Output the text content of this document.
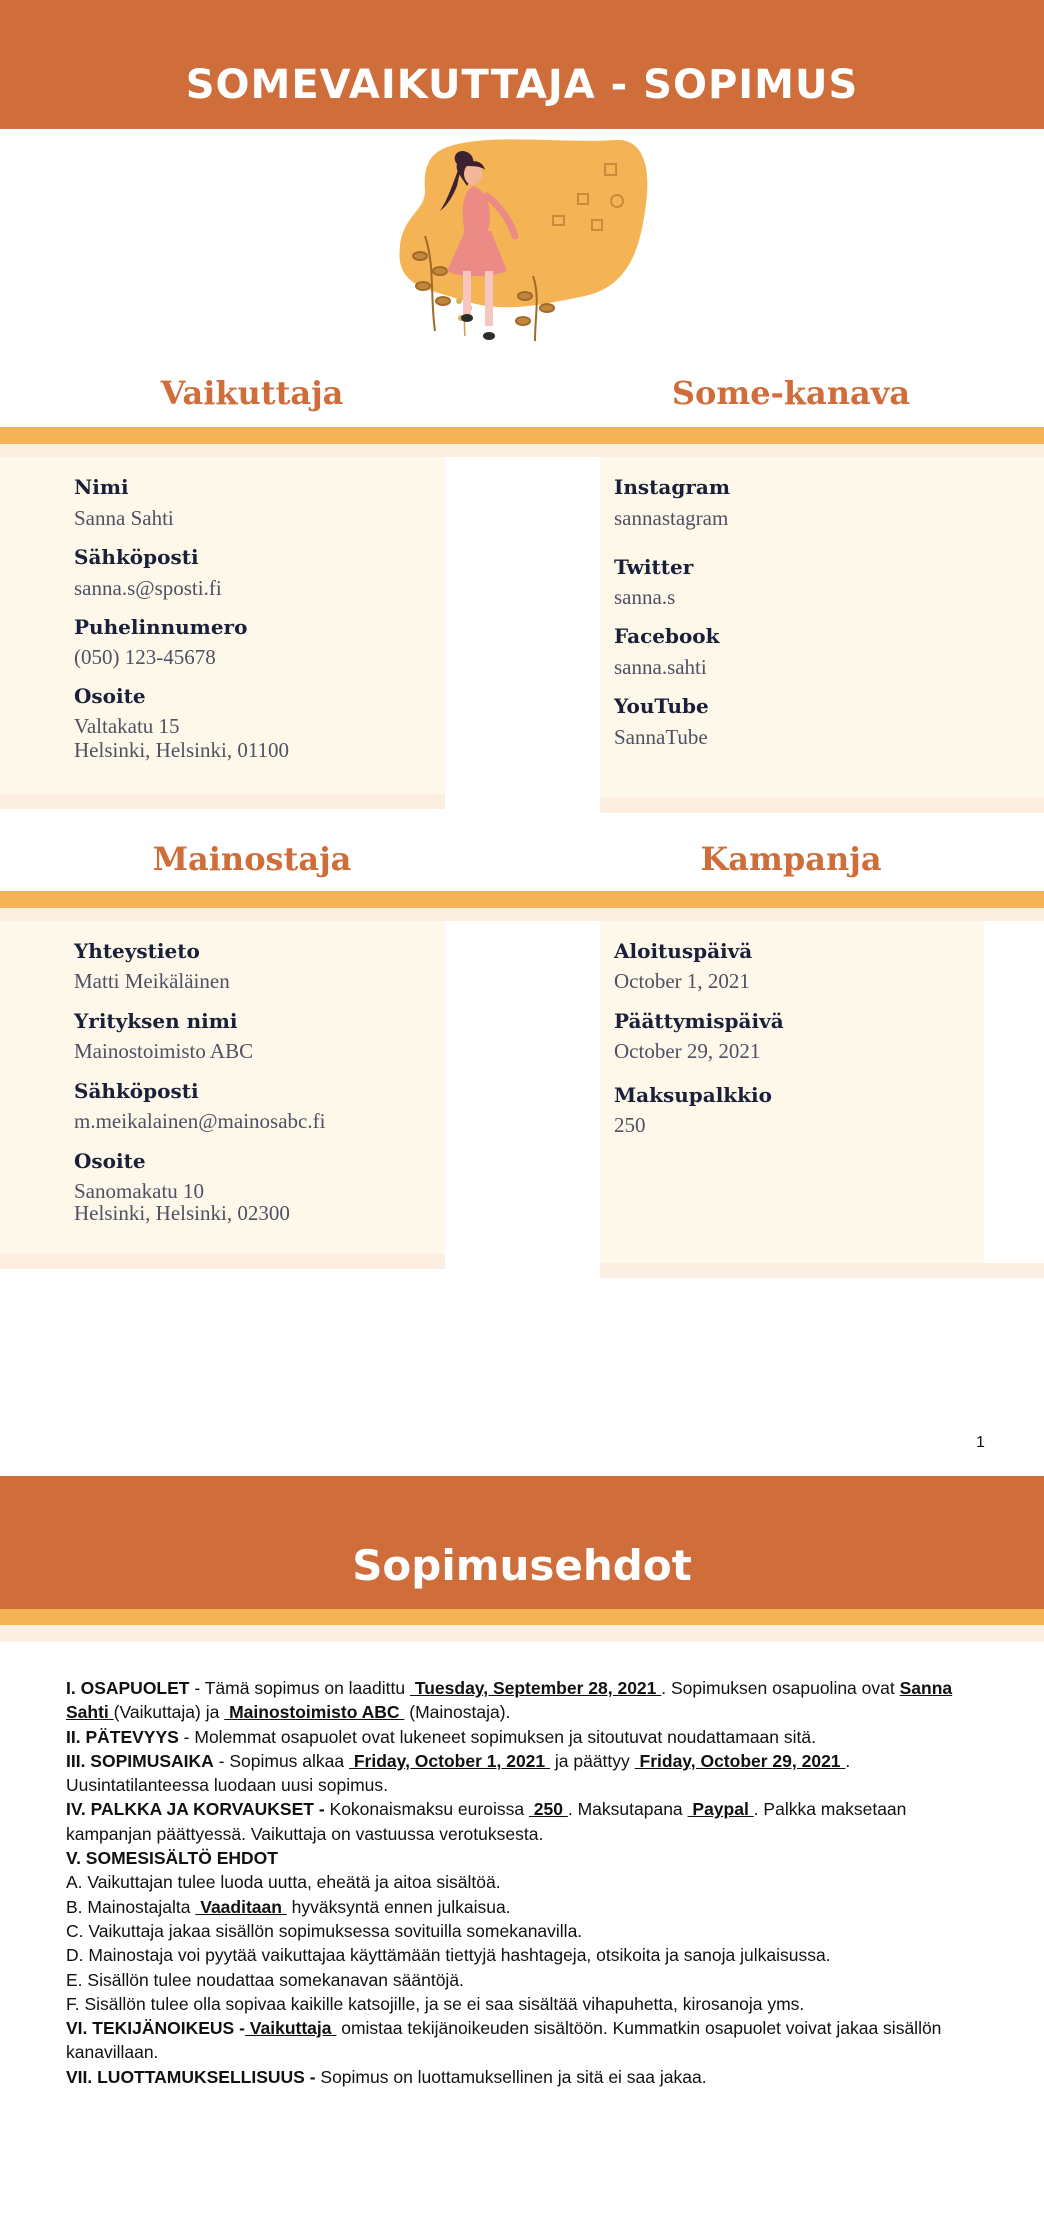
SOMEVAIKUTTAJA - SOPIMUS
Vaikuttaja	Some-kanava
Nimi
Sanna Sahti
Sähköposti
sanna.s@sposti.fi
Puhelinnumero
(050) 123-45678
Osoite
Valtakatu 15
Helsinki, Helsinki, 01100
Instagram
sannastagram
Twitter
sanna.s
Facebook
sanna.sahti
YouTube
SannaTube
Mainostaja	Kampanja
Yhteystieto
Matti Meikäläinen
Yrityksen nimi
Mainostoimisto ABC
Sähköposti
m.meikalainen@mainosabc.fi
Osoite
Sanomakatu 10
Helsinki, Helsinki, 02300
Aloituspäivä
October 1, 2021
Päättymispäivä
October 29, 2021
Maksupalkkio
250
1
Sopimusehdot
I. OSAPUOLET - Tämä sopimus on laadittu  Tuesday, September 28, 2021 . Sopimuksen osapuolina ovat Sanna Sahti (Vaikuttaja) ja  Mainostoimisto ABC  (Mainostaja).
II. PÄTEVYYS - Molemmat osapuolet ovat lukeneet sopimuksen ja sitoutuvat noudattamaan sitä.
III. SOPIMUSAIKA - Sopimus alkaa  Friday, October 1, 2021  ja päättyy  Friday, October 29, 2021 . Uusintatilanteessa luodaan uusi sopimus.
IV. PALKKA JA KORVAUKSET - Kokonaismaksu euroissa  250 . Maksutapana  Paypal . Palkka maksetaan kampanjan päättyessä. Vaikuttaja on vastuussa verotuksesta.
V. SOMESISÄLTÖ EHDOT
A. Vaikuttajan tulee luoda uutta, eheätä ja aitoa sisältöä.
B. Mainostajalta  Vaaditaan  hyväksyntä ennen julkaisua.
C. Vaikuttaja jakaa sisällön sopimuksessa sovituilla somekanavilla.
D. Mainostaja voi pyytää vaikuttajaa käyttämään tiettyjä hashtageja, otsikoita ja sanoja julkaisussa.
E. Sisällön tulee noudattaa somekanavan sääntöjä.
F. Sisällön tulee olla sopivaa kaikille katsojille, ja se ei saa sisältää vihapuhetta, kirosanoja yms.
VI. TEKIJÄNOIKEUS - Vaikuttaja  omistaa tekijänoikeuden sisältöön. Kummatkin osapuolet voivat jakaa sisällön kanavillaan.
VII. LUOTTAMUKSELLISUUS - Sopimus on luottamuksellinen ja sitä ei saa jakaa.
